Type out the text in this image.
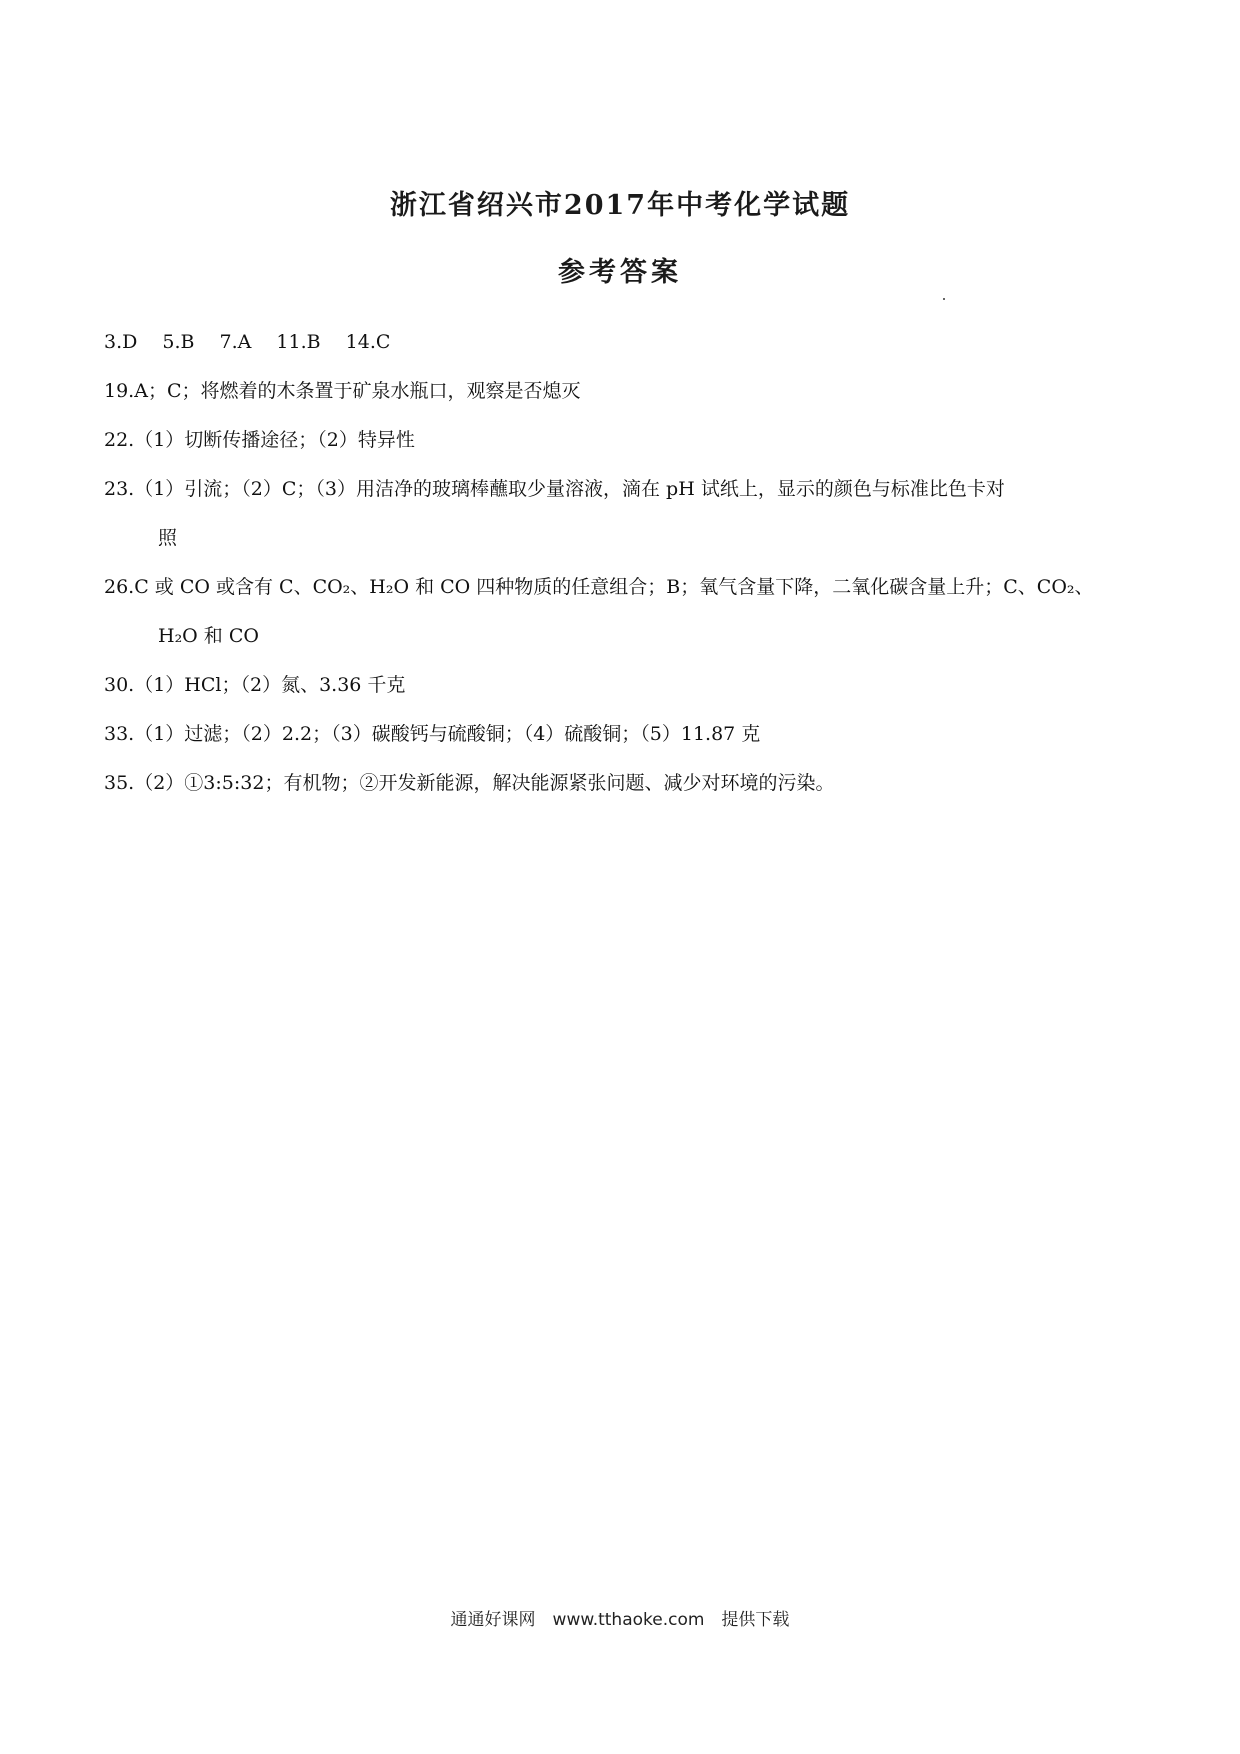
浙江省绍兴市2017年中考化学试题
参考答案
3.D　 5.B　 7.A　 11.B　 14.C
19.A；C；将燃着的木条置于矿泉水瓶口，观察是否熄灭
22.（1）切断传播途径；（2）特异性
23.（1）引流；（2）C；（3）用洁净的玻璃棒蘸取少量溶液，滴在 pH 试纸上，显示的颜色与标准比色卡对
照
26.C 或 CO 或含有 C、CO₂、H₂O 和 CO 四种物质的任意组合；B；氧气含量下降，二氧化碳含量上升；C、CO₂、
H₂O 和 CO
30.（1）HCl；（2）氮、3.36 千克
33.（1）过滤；（2）2.2；（3）碳酸钙与硫酸铜；（4）硫酸铜；（5）11.87 克
35.（2）①3:5:32；有机物；②开发新能源，解决能源紧张问题、减少对环境的污染。
通通好课网　www.tthaoke.com　提供下载
